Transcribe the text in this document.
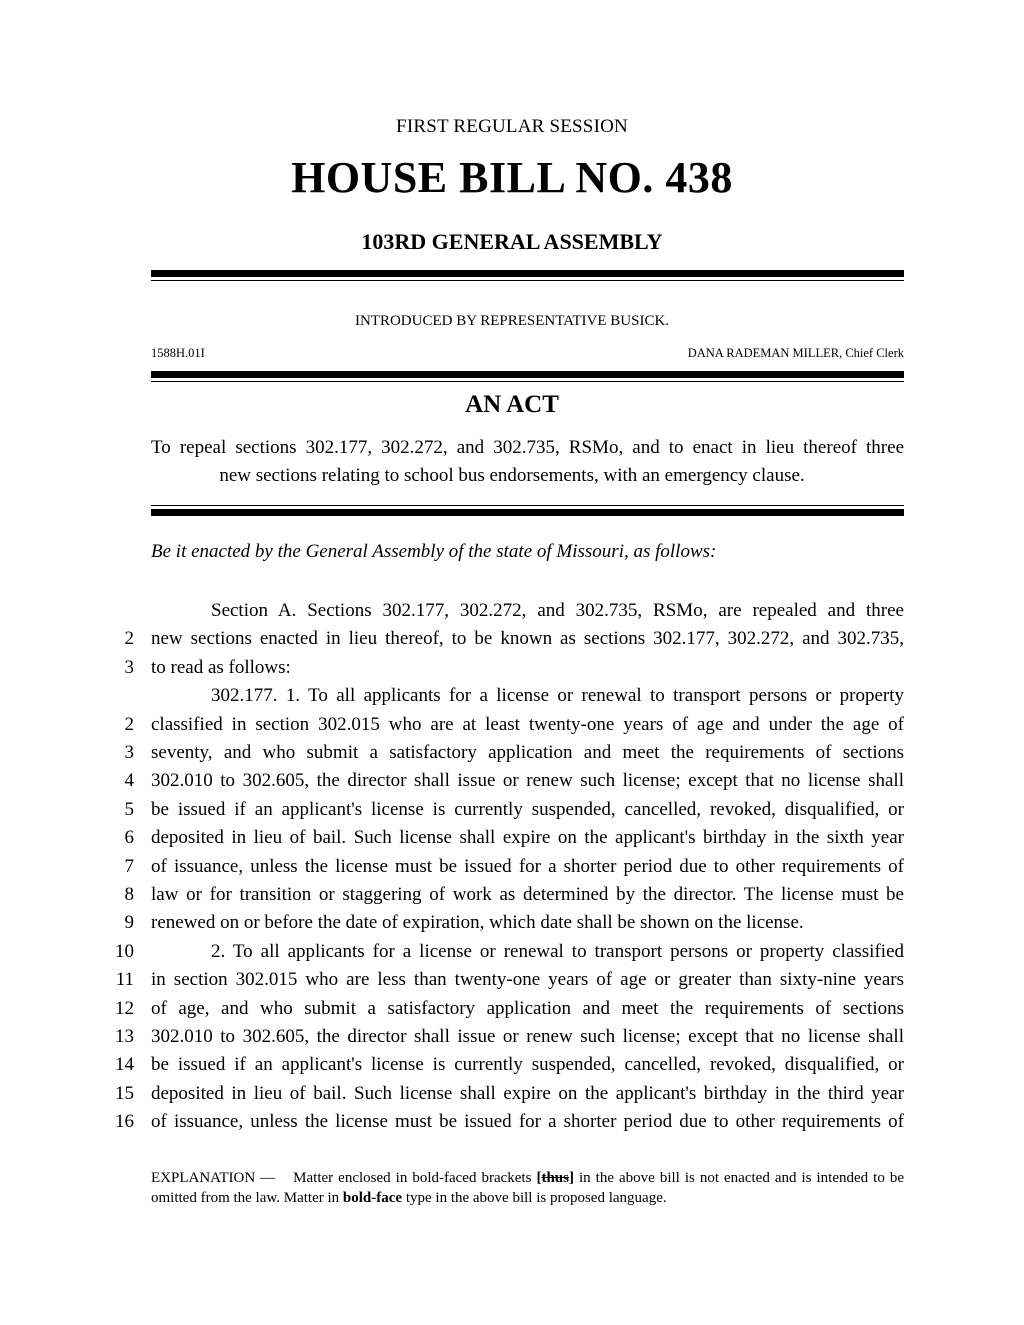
FIRST REGULAR SESSION
HOUSE BILL NO. 438
103RD GENERAL ASSEMBLY
INTRODUCED BY REPRESENTATIVE BUSICK.
1588H.01I	DANA RADEMAN MILLER, Chief Clerk
AN ACT
To repeal sections 302.177, 302.272, and 302.735, RSMo, and to enact in lieu thereof three
new sections relating to school bus endorsements, with an emergency clause.
Be it enacted by the General Assembly of the state of Missouri, as follows:
Section A. Sections 302.177, 302.272, and 302.735, RSMo, are repealed and three
2 new sections enacted in lieu thereof, to be known as sections 302.177, 302.272, and 302.735,
3 to read as follows:
302.177. 1. To all applicants for a license or renewal to transport persons or property
2 classified in section 302.015 who are at least twenty-one years of age and under the age of
3 seventy, and who submit a satisfactory application and meet the requirements of sections
4 302.010 to 302.605, the director shall issue or renew such license; except that no license shall
5 be issued if an applicant's license is currently suspended, cancelled, revoked, disqualified, or
6 deposited in lieu of bail. Such license shall expire on the applicant's birthday in the sixth year
7 of issuance, unless the license must be issued for a shorter period due to other requirements of
8 law or for transition or staggering of work as determined by the director. The license must be
9 renewed on or before the date of expiration, which date shall be shown on the license.
10	2. To all applicants for a license or renewal to transport persons or property classified
11 in section 302.015 who are less than twenty-one years of age or greater than sixty-nine years
12 of age, and who submit a satisfactory application and meet the requirements of sections
13 302.010 to 302.605, the director shall issue or renew such license; except that no license shall
14 be issued if an applicant's license is currently suspended, cancelled, revoked, disqualified, or
15 deposited in lieu of bail. Such license shall expire on the applicant's birthday in the third year
16 of issuance, unless the license must be issued for a shorter period due to other requirements of
EXPLANATION — Matter enclosed in bold-faced brackets [thus] in the above bill is not enacted and is intended to be omitted from the law. Matter in bold-face type in the above bill is proposed language.
